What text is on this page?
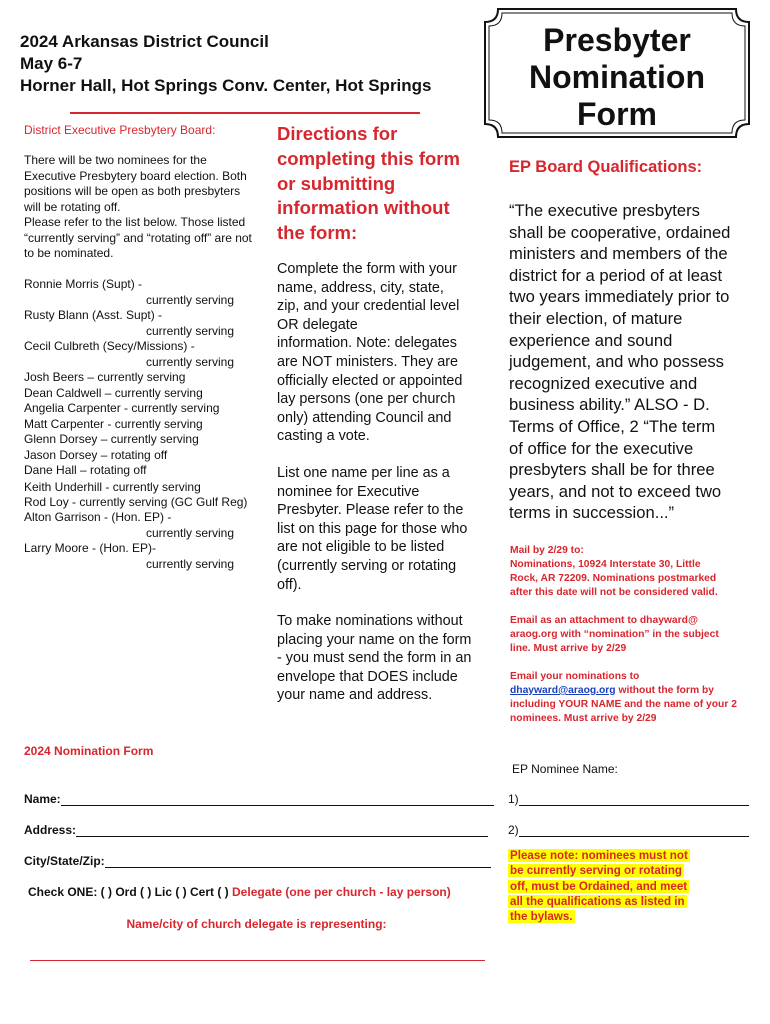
2024 Arkansas District Council
May 6-7
Horner Hall, Hot Springs Conv. Center, Hot Springs
Presbyter
Nomination
Form
District Executive Presbytery Board:
There will be two nominees for the
Executive Presbytery board election. Both
positions will be open as both presbyters
will be rotating off.
Please refer to the list below. Those listed
“currently serving” and “rotating off” are not
to be nominated.
Ronnie Morris (Supt) -
currently serving
Rusty Blann (Asst. Supt) -
currently serving
Cecil Culbreth (Secy/Missions) -
currently serving
Josh Beers – currently serving
Dean Caldwell – currently serving
Angelia Carpenter - currently serving
Matt Carpenter - currently serving
Glenn Dorsey – currently serving
Jason Dorsey – rotating off
Dane Hall – rotating off
Keith Underhill - currently serving
Rod Loy - currently serving (GC Gulf Reg)
Alton Garrison - (Hon. EP) -
currently serving
Larry Moore - (Hon. EP)-
currently serving
Directions for
completing this form
or submitting
information without
the form:
Complete the form with your
name, address, city, state,
zip, and your credential level
OR delegate
information. Note: delegates
are NOT ministers. They are
officially elected or appointed
lay persons (one per church
only) attending Council and
casting a vote.
List one name per line as a
nominee for Executive
Presbyter. Please refer to the
list on this page for those who
are not eligible to be listed
(currently serving or rotating
off).
To make nominations without
placing your name on the form
- you must send the form in an
envelope that DOES include
your name and address.
EP Board Qualifications:
“The executive presbyters
shall be cooperative, ordained
ministers and members of the
district for a period of at least
two years immediately prior to
their election, of mature
experience and sound
judgement, and who possess
recognized executive and
business ability.” ALSO - D.
Terms of Office, 2 “The term
of office for the executive
presbyters shall be for three
years, and not to exceed two
terms in succession...”
Mail by 2/29 to:
Nominations, 10924 Interstate 30, Little
Rock, AR 72209. Nominations postmarked
after this date will not be considered valid.
Email as an attachment to dhayward@
araog.org with “nomination” in the subject
line. Must arrive by 2/29
Email your nominations to
dhayward@araog.org without the form by
including YOUR NAME and the name of your 2
nominees. Must arrive by 2/29
2024 Nomination Form
Name:
Address:
City/State/Zip:
Check ONE: ( ) Ord ( ) Lic ( ) Cert ( ) Delegate (one per church - lay person)
Name/city of church delegate is representing:
EP Nominee Name:
1)
2)
Please note: nominees must not
be currently serving or rotating
off, must be Ordained, and meet
all the qualifications as listed in
the bylaws.
